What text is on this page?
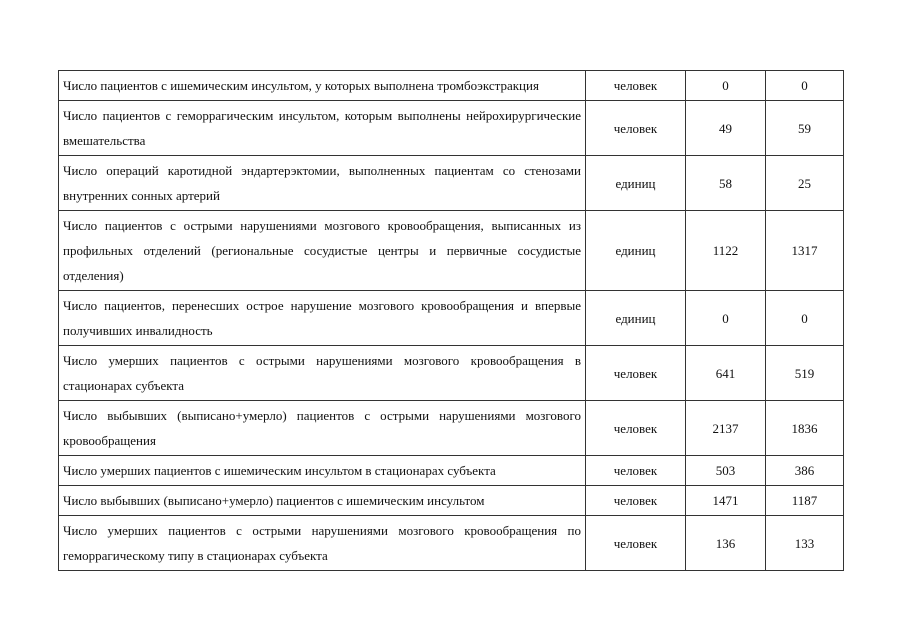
Число пациентов с ишемическим инсультом, у которых выполнена тромбоэкстракция	человек	0	0
Число пациентов с геморрагическим инсультом, которым выполнены нейрохирургические вмешательства	человек	49	59
Число операций каротидной эндартерэктомии, выполненных пациентам со стенозами внутренних сонных артерий	единиц	58	25
Число пациентов с острыми нарушениями мозгового кровообращения, выписанных из профильных отделений (региональные сосудистые центры и первичные сосудистые отделения)	единиц	1122	1317
Число пациентов, перенесших острое нарушение мозгового кровообращения и впервые получивших инвалидность	единиц	0	0
Число умерших пациентов с острыми нарушениями мозгового кровообращения в стационарах субъекта	человек	641	519
Число выбывших (выписано+умерло) пациентов с острыми нарушениями мозгового кровообращения	человек	2137	1836
Число умерших пациентов с ишемическим инсультом в стационарах субъекта	человек	503	386
Число выбывших (выписано+умерло) пациентов с ишемическим инсультом	человек	1471	1187
Число умерших пациентов с острыми нарушениями мозгового кровообращения по геморрагическому типу в стационарах субъекта	человек	136	133
